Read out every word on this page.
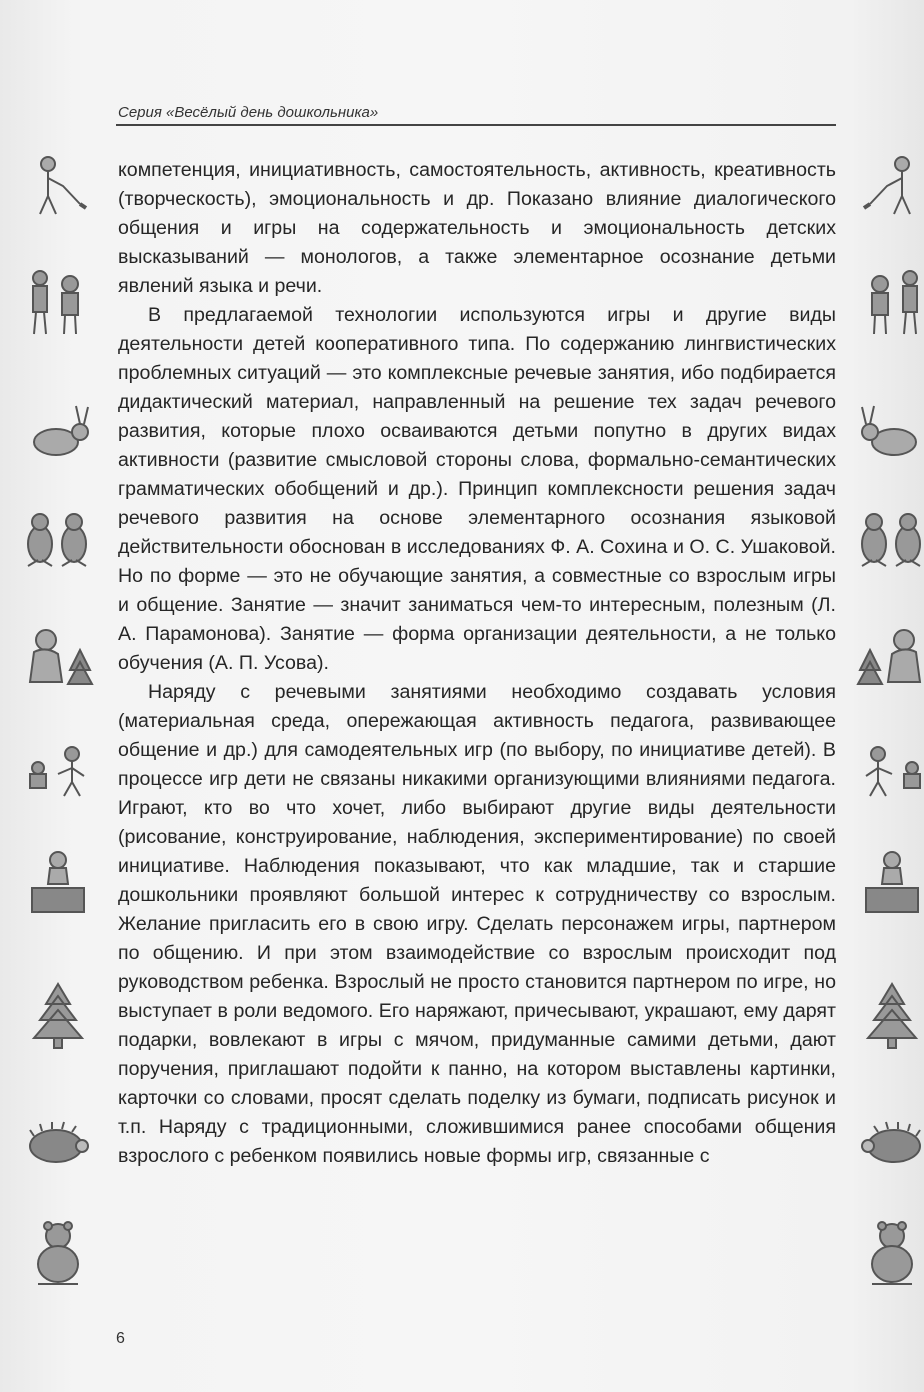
Серия «Весёлый день дошкольника»

компетенция, инициативность, самостоятельность, активность, креативность (творческость), эмоциональность и др. Показано влияние диалогического общения и игры на содержательность и эмоциональность детских высказываний — монологов, а также элементарное осознание детьми явлений языка и речи.

В предлагаемой технологии используются игры и другие виды деятельности детей кооперативного типа. По содержанию лингвистических проблемных ситуаций — это комплексные речевые занятия, ибо подбирается дидактический материал, направленный на решение тех задач речевого развития, которые плохо осваиваются детьми попутно в других видах активности (развитие смысловой стороны слова, формально-семантических грамматических обобщений и др.). Принцип комплексности решения задач речевого развития на основе элементарного осознания языковой действительности обоснован в исследованиях Ф. А. Сохина и О. С. Ушаковой. Но по форме — это не обучающие занятия, а совместные со взрослым игры и общение. Занятие — значит заниматься чем-то интересным, полезным (Л. А. Парамонова). Занятие — форма организации деятельности, а не только обучения (А. П. Усова).

Наряду с речевыми занятиями необходимо создавать условия (материальная среда, опережающая активность педагога, развивающее общение и др.) для самодеятельных игр (по выбору, по инициативе детей). В процессе игр дети не связаны никакими организующими влияниями педагога. Играют, кто во что хочет, либо выбирают другие виды деятельности (рисование, конструирование, наблюдения, экспериментирование) по своей инициативе. Наблюдения показывают, что как младшие, так и старшие дошкольники проявляют большой интерес к сотрудничеству со взрослым. Желание пригласить его в свою игру. Сделать персонажем игры, партнером по общению. И при этом взаимодействие со взрослым происходит под руководством ребенка. Взрослый не просто становится партнером по игре, но выступает в роли ведомого. Его наряжают, причесывают, украшают, ему дарят подарки, вовлекают в игры с мячом, придуманные самими детьми, дают поручения, приглашают подойти к панно, на котором выставлены картинки, карточки со словами, просят сделать поделку из бумаги, подписать рисунок и т.п. Наряду с традиционными, сложившимися ранее способами общения взрослого с ребенком появились новые формы игр, связанные с

6
